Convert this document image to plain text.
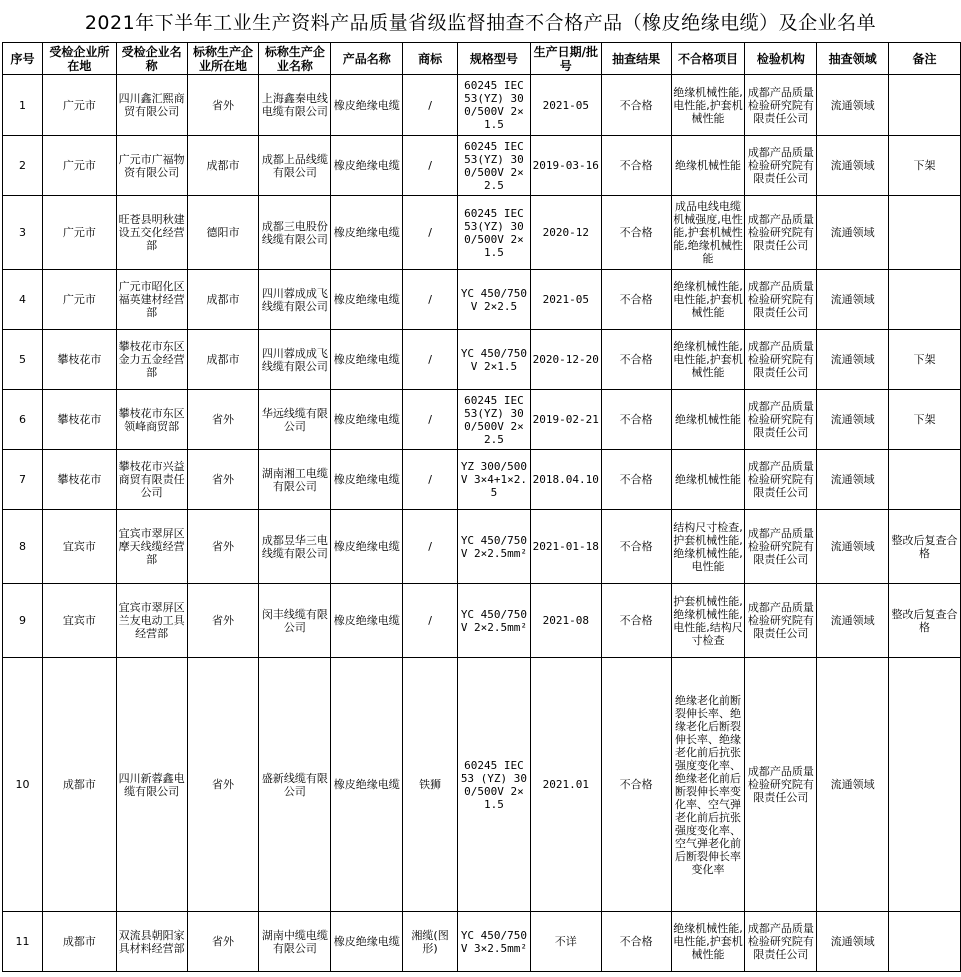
2021年下半年工业生产资料产品质量省级监督抽查不合格产品（橡皮绝缘电缆）及企业名单
序号	受检企业所在地	受检企业名称	标称生产企业所在地	标称生产企业名称	产品名称	商标	规格型号	生产日期/批号	抽查结果	不合格项目	检验机构	抽查领域	备注
1	广元市	四川鑫汇熙商贸有限公司	省外	上海鑫秦电线电缆有限公司	橡皮绝缘电缆	/	60245 IEC 53(YZ) 300/500V 2×1.5	2021-05	不合格	绝缘机械性能,电性能,护套机械性能	成都产品质量检验研究院有限责任公司	流通领域	
2	广元市	广元市广福物资有限公司	成都市	成都上品线缆有限公司	橡皮绝缘电缆	/	60245 IEC 53(YZ) 300/500V 2×2.5	2019-03-16	不合格	绝缘机械性能	成都产品质量检验研究院有限责任公司	流通领域	下架
3	广元市	旺苍县明秋建设五交化经营部	德阳市	成都三电股份线缆有限公司	橡皮绝缘电缆	/	60245 IEC 53(YZ) 300/500V 2×1.5	2020-12	不合格	成品电线电缆机械强度,电性能,护套机械性能,绝缘机械性能	成都产品质量检验研究院有限责任公司	流通领域	
4	广元市	广元市昭化区福英建材经营部	成都市	四川蓉成成飞线缆有限公司	橡皮绝缘电缆	/	YC 450/750V 2×2.5	2021-05	不合格	绝缘机械性能,电性能,护套机械性能	成都产品质量检验研究院有限责任公司	流通领域	
5	攀枝花市	攀枝花市东区金力五金经营部	成都市	四川蓉成成飞线缆有限公司	橡皮绝缘电缆	/	YC 450/750V 2×1.5	2020-12-20	不合格	绝缘机械性能,电性能,护套机械性能	成都产品质量检验研究院有限责任公司	流通领域	下架
6	攀枝花市	攀枝花市东区领峰商贸部	省外	华远线缆有限公司	橡皮绝缘电缆	/	60245 IEC 53(YZ) 300/500V 2×2.5	2019-02-21	不合格	绝缘机械性能	成都产品质量检验研究院有限责任公司	流通领域	下架
7	攀枝花市	攀枝花市兴益商贸有限责任公司	省外	湖南湘工电缆有限公司	橡皮绝缘电缆	/	YZ 300/500V 3×4+1×2.5	2018.04.10	不合格	绝缘机械性能	成都产品质量检验研究院有限责任公司	流通领域	
8	宜宾市	宜宾市翠屏区摩天线缆经营部	省外	成都昱华三电线缆有限公司	橡皮绝缘电缆	/	YC 450/750V 2×2.5mm²	2021-01-18	不合格	结构尺寸检查,护套机械性能,绝缘机械性能,电性能	成都产品质量检验研究院有限责任公司	流通领域	整改后复查合格
9	宜宾市	宜宾市翠屏区兰友电动工具经营部	省外	闵丰线缆有限公司	橡皮绝缘电缆	/	YC 450/750V 2×2.5mm²	2021-08	不合格	护套机械性能,绝缘机械性能,电性能,结构尺寸检查	成都产品质量检验研究院有限责任公司	流通领域	整改后复查合格
10	成都市	四川新蓉鑫电缆有限公司	省外	盛新线缆有限公司	橡皮绝缘电缆	铁狮	60245 IEC 53 (YZ) 300/500V 2×1.5	2021.01	不合格	绝缘老化前断裂伸长率、绝缘老化后断裂伸长率、绝缘老化前后抗张强度变化率、绝缘老化前后断裂伸长率变化率、空气弹老化前后抗张强度变化率、空气弹老化前后断裂伸长率变化率	成都产品质量检验研究院有限责任公司	流通领域	
11	成都市	双流县朝阳家具材料经营部	省外	湖南中缆电缆有限公司	橡皮绝缘电缆	湘缆(图形)	YC 450/750V 3×2.5mm²	不详	不合格	绝缘机械性能,电性能,护套机械性能	成都产品质量检验研究院有限责任公司	流通领域	
